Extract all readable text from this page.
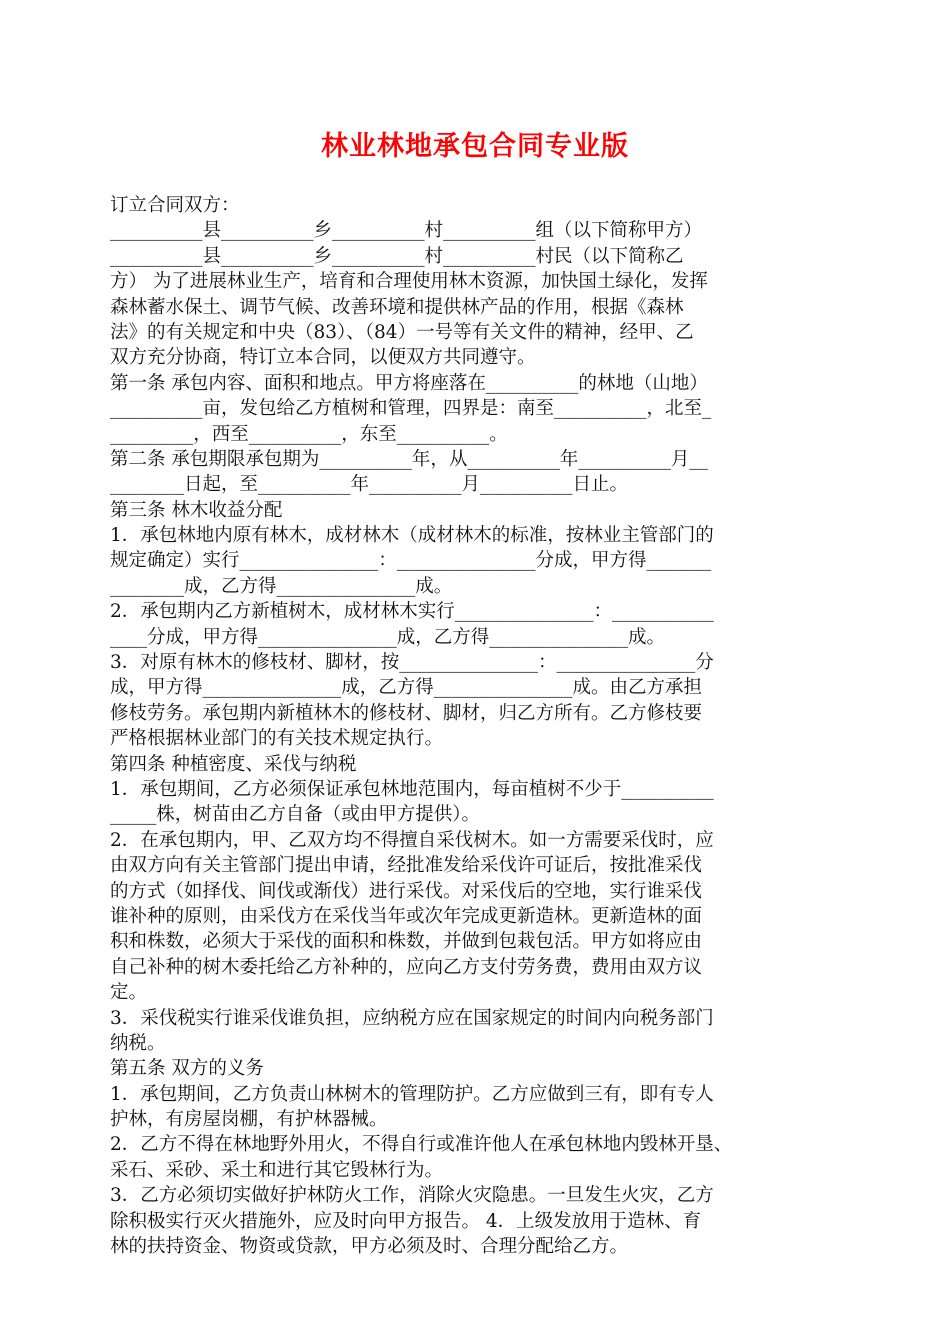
林业林地承包合同专业版
订立合同双方：
__________县__________乡__________村__________组（以下简称甲方）
__________县__________乡__________村__________村民（以下简称乙
方） 为了进展林业生产，培育和合理使用林木资源，加快国土绿化，发挥
森林蓄水保土、调节气候、改善环境和提供林产品的作用，根据《森林
法》的有关规定和中央（83）、（84）一号等有关文件的精神，经甲、乙
双方充分协商，特订立本合同，以便双方共同遵守。
第一条 承包内容、面积和地点。甲方将座落在__________的林地（山地）
__________亩，发包给乙方植树和管理，四界是：南至__________，北至_
_________，西至__________，东至__________。
第二条 承包期限承包期为__________年，从__________年__________月__
________日起，至__________年__________月__________日止。
第三条 林木收益分配
1．承包林地内原有林木，成材林木（成材林木的标准，按林业主管部门的
规定确定）实行_______________：_______________分成，甲方得_______
________成，乙方得_______________成。
2．承包期内乙方新植树木，成材林木实行_______________：___________
____分成，甲方得_______________成，乙方得_______________成。
3．对原有林木的修枝材、脚材，按_______________：_______________分
成，甲方得_______________成，乙方得_______________成。由乙方承担
修枝劳务。承包期内新植林木的修枝材、脚材，归乙方所有。乙方修枝要
严格根据林业部门的有关技术规定执行。
第四条 种植密度、采伐与纳税
1．承包期间，乙方必须保证承包林地范围内，每亩植树不少于__________
_____株，树苗由乙方自备（或由甲方提供）。
2．在承包期内，甲、乙双方均不得擅自采伐树木。如一方需要采伐时，应
由双方向有关主管部门提出申请，经批准发给采伐许可证后，按批准采伐
的方式（如择伐、间伐或渐伐）进行采伐。对采伐后的空地，实行谁采伐
谁补种的原则，由采伐方在采伐当年或次年完成更新造林。更新造林的面
积和株数，必须大于采伐的面积和株数，并做到包栽包活。甲方如将应由
自己补种的树木委托给乙方补种的，应向乙方支付劳务费，费用由双方议
定。
3．采伐税实行谁采伐谁负担，应纳税方应在国家规定的时间内向税务部门
纳税。
第五条 双方的义务
1．承包期间，乙方负责山林树木的管理防护。乙方应做到三有，即有专人
护林，有房屋岗棚，有护林器械。
2．乙方不得在林地野外用火，不得自行或准许他人在承包林地内毁林开垦、
采石、采砂、采土和进行其它毁林行为。
3．乙方必须切实做好护林防火工作，消除火灾隐患。一旦发生火灾，乙方
除积极实行灭火措施外，应及时向甲方报告。 4．上级发放用于造林、育
林的扶持资金、物资或贷款，甲方必须及时、合理分配给乙方。
